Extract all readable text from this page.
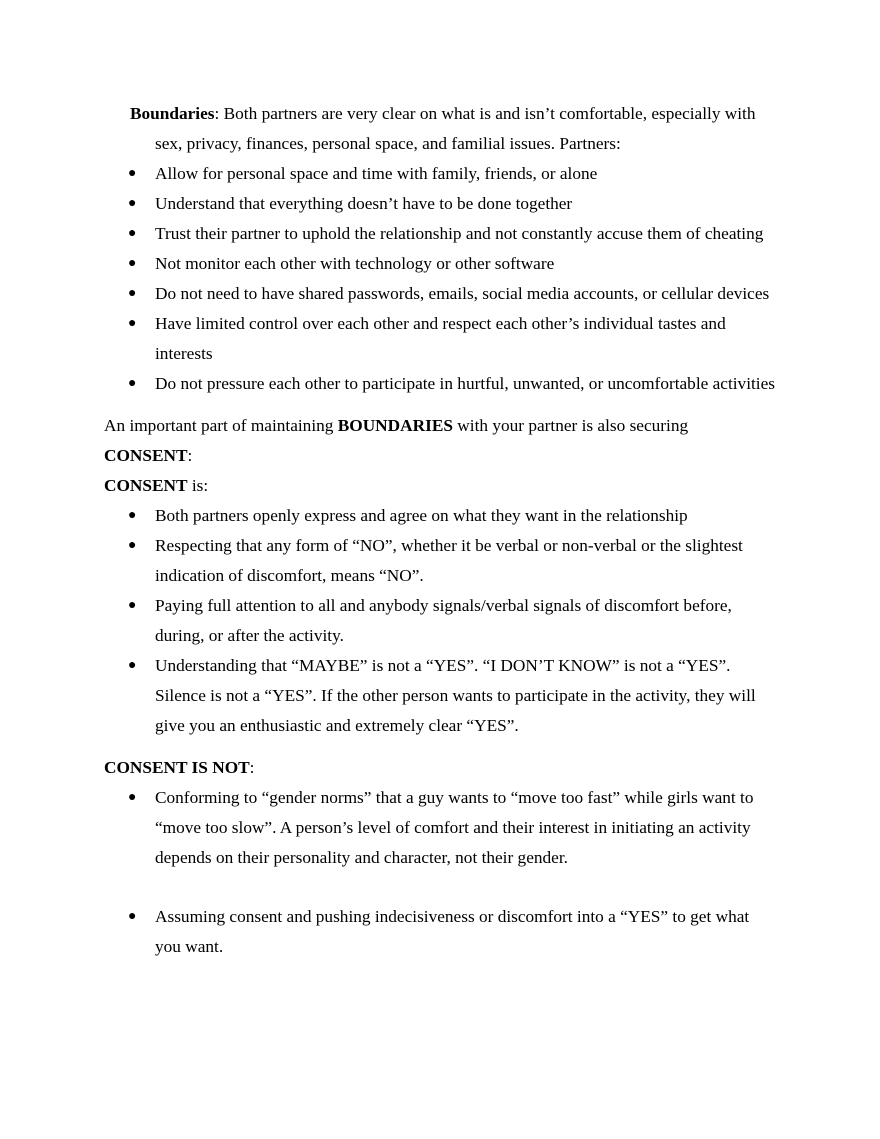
Boundaries: Both partners are very clear on what is and isn’t comfortable, especially with
sex, privacy, finances, personal space, and familial issues. Partners:
● Allow for personal space and time with family, friends, or alone
● Understand that everything doesn’t have to be done together
● Trust their partner to uphold the relationship and not constantly accuse them of cheating
● Not monitor each other with technology or other software
● Do not need to have shared passwords, emails, social media accounts, or cellular devices
● Have limited control over each other and respect each other’s individual tastes and
interests
● Do not pressure each other to participate in hurtful, unwanted, or uncomfortable activities
An important part of maintaining BOUNDARIES with your partner is also securing
CONSENT:
CONSENT is:
● Both partners openly express and agree on what they want in the relationship
● Respecting that any form of “NO”, whether it be verbal or non-verbal or the slightest
indication of discomfort, means “NO”.
● Paying full attention to all and anybody signals/verbal signals of discomfort before,
during, or after the activity.
● Understanding that “MAYBE” is not a “YES”. “I DON’T KNOW” is not a “YES”.
Silence is not a “YES”. If the other person wants to participate in the activity, they will
give you an enthusiastic and extremely clear “YES”.
CONSENT IS NOT:
● Conforming to “gender norms” that a guy wants to “move too fast” while girls want to
“move too slow”. A person’s level of comfort and their interest in initiating an activity
depends on their personality and character, not their gender.
● Assuming consent and pushing indecisiveness or discomfort into a “YES” to get what
you want.
